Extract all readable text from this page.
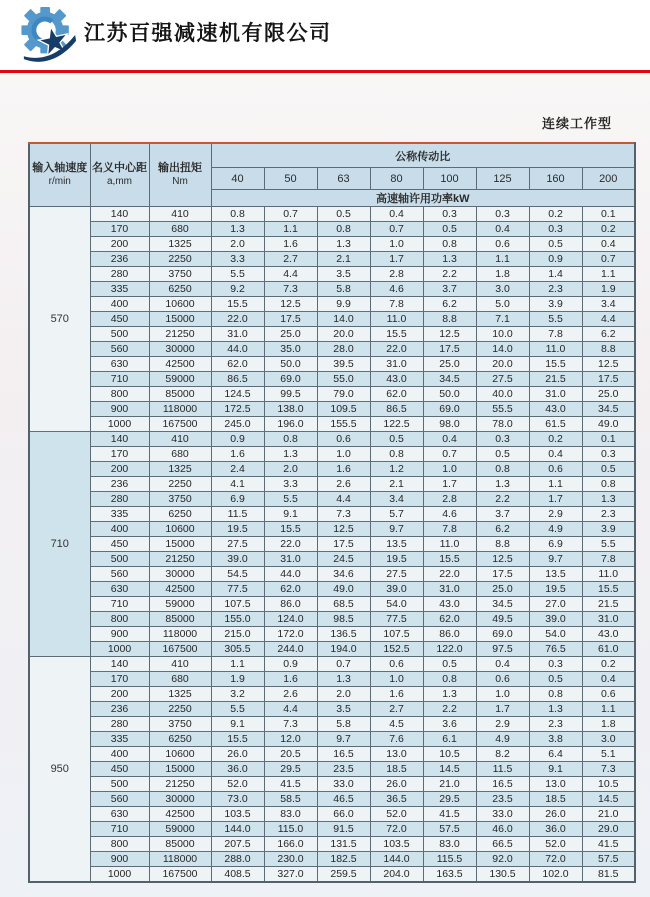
江苏百强减速机有限公司
连续工作型
输入轴速度
r/min

名义中心距
a,mm

输出扭矩
Nm
	公称传动比
			40	50	63	80	100	125	160	200
			高速轴许用功率kW							
570	140	410	0.8	0.7	0.5	0.4	0.3	0.3	0.2	0.1
	170	680	1.3	1.1	0.8	0.7	0.5	0.4	0.3	0.2
	200	1325	2.0	1.6	1.3	1.0	0.8	0.6	0.5	0.4
	236	2250	3.3	2.7	2.1	1.7	1.3	1.1	0.9	0.7
	280	3750	5.5	4.4	3.5	2.8	2.2	1.8	1.4	1.1
	335	6250	9.2	7.3	5.8	4.6	3.7	3.0	2.3	1.9
	400	10600	15.5	12.5	9.9	7.8	6.2	5.0	3.9	3.4
	450	15000	22.0	17.5	14.0	11.0	8.8	7.1	5.5	4.4
	500	21250	31.0	25.0	20.0	15.5	12.5	10.0	7.8	6.2
	560	30000	44.0	35.0	28.0	22.0	17.5	14.0	11.0	8.8
	630	42500	62.0	50.0	39.5	31.0	25.0	20.0	15.5	12.5
	710	59000	86.5	69.0	55.0	43.0	34.5	27.5	21.5	17.5
	800	85000	124.5	99.5	79.0	62.0	50.0	40.0	31.0	25.0
	900	118000	172.5	138.0	109.5	86.5	69.0	55.5	43.0	34.5
	1000	167500	245.0	196.0	155.5	122.5	98.0	78.0	61.5	49.0
710	140	410	0.9	0.8	0.6	0.5	0.4	0.3	0.2	0.1
	170	680	1.6	1.3	1.0	0.8	0.7	0.5	0.4	0.3
	200	1325	2.4	2.0	1.6	1.2	1.0	0.8	0.6	0.5
	236	2250	4.1	3.3	2.6	2.1	1.7	1.3	1.1	0.8
	280	3750	6.9	5.5	4.4	3.4	2.8	2.2	1.7	1.3
	335	6250	11.5	9.1	7.3	5.7	4.6	3.7	2.9	2.3
	400	10600	19.5	15.5	12.5	9.7	7.8	6.2	4.9	3.9
	450	15000	27.5	22.0	17.5	13.5	11.0	8.8	6.9	5.5
	500	21250	39.0	31.0	24.5	19.5	15.5	12.5	9.7	7.8
	560	30000	54.5	44.0	34.6	27.5	22.0	17.5	13.5	11.0
	630	42500	77.5	62.0	49.0	39.0	31.0	25.0	19.5	15.5
	710	59000	107.5	86.0	68.5	54.0	43.0	34.5	27.0	21.5
	800	85000	155.0	124.0	98.5	77.5	62.0	49.5	39.0	31.0
	900	118000	215.0	172.0	136.5	107.5	86.0	69.0	54.0	43.0
	1000	167500	305.5	244.0	194.0	152.5	122.0	97.5	76.5	61.0
950	140	410	1.1	0.9	0.7	0.6	0.5	0.4	0.3	0.2
	170	680	1.9	1.6	1.3	1.0	0.8	0.6	0.5	0.4
	200	1325	3.2	2.6	2.0	1.6	1.3	1.0	0.8	0.6
	236	2250	5.5	4.4	3.5	2.7	2.2	1.7	1.3	1.1
	280	3750	9.1	7.3	5.8	4.5	3.6	2.9	2.3	1.8
	335	6250	15.5	12.0	9.7	7.6	6.1	4.9	3.8	3.0
	400	10600	26.0	20.5	16.5	13.0	10.5	8.2	6.4	5.1
	450	15000	36.0	29.5	23.5	18.5	14.5	11.5	9.1	7.3
	500	21250	52.0	41.5	33.0	26.0	21.0	16.5	13.0	10.5
	560	30000	73.0	58.5	46.5	36.5	29.5	23.5	18.5	14.5
	630	42500	103.5	83.0	66.0	52.0	41.5	33.0	26.0	21.0
	710	59000	144.0	115.0	91.5	72.0	57.5	46.0	36.0	29.0
	800	85000	207.5	166.0	131.5	103.5	83.0	66.5	52.0	41.5
	900	118000	288.0	230.0	182.5	144.0	115.5	92.0	72.0	57.5
	1000	167500	408.5	327.0	259.5	204.0	163.5	130.5	102.0	81.5
